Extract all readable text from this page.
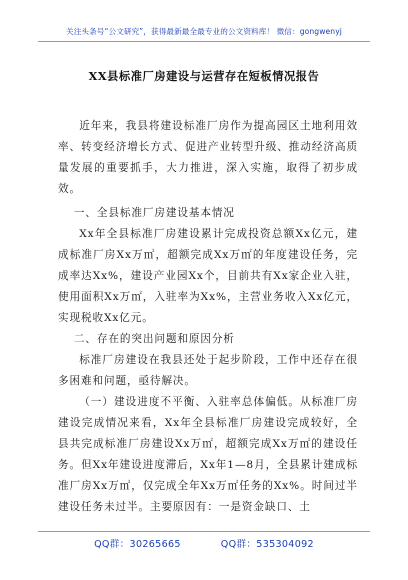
关注头条号“公文研究”，获得最新最全最专业的公文资料库！ 微信：gongwenyj
XX县标准厂房建设与运营存在短板情况报告

近年来，我县将建设标准厂房作为提高园区土地利用效率、转变经济增长方式、促进产业转型升级、推动经济高质量发展的重要抓手，大力推进，深入实施，取得了初步成效。

一、全县标准厂房建设基本情况

Xx年全县标准厂房建设累计完成投资总额Xx亿元，建成标准厂房Xx万㎡，超额完成Xx万㎡的年度建设任务，完成率达Xx%，建设产业园Xx个，目前共有Xx家企业入驻，使用面积Xx万㎡，入驻率为Xx%，主营业务收入Xx亿元，实现税收Xx亿元。

二、存在的突出问题和原因分析

标准厂房建设在我县还处于起步阶段，工作中还存在很多困难和问题，亟待解决。

（一）建设进度不平衡、入驻率总体偏低。从标准厂房建设完成情况来看，Xx年全县标准厂房建设完成较好，全县共完成标准厂房建设Xx万㎡，超额完成Xx万㎡的建设任务。但Xx年建设进度滞后，Xx年1—8月，全县累计建成标准厂房Xx万㎡，仅完成全年Xx万㎡任务的Xx%。时间过半建设任务未过半。主要原因有：一是资金缺口、土

QQ群：30265665	QQ群：535304092
